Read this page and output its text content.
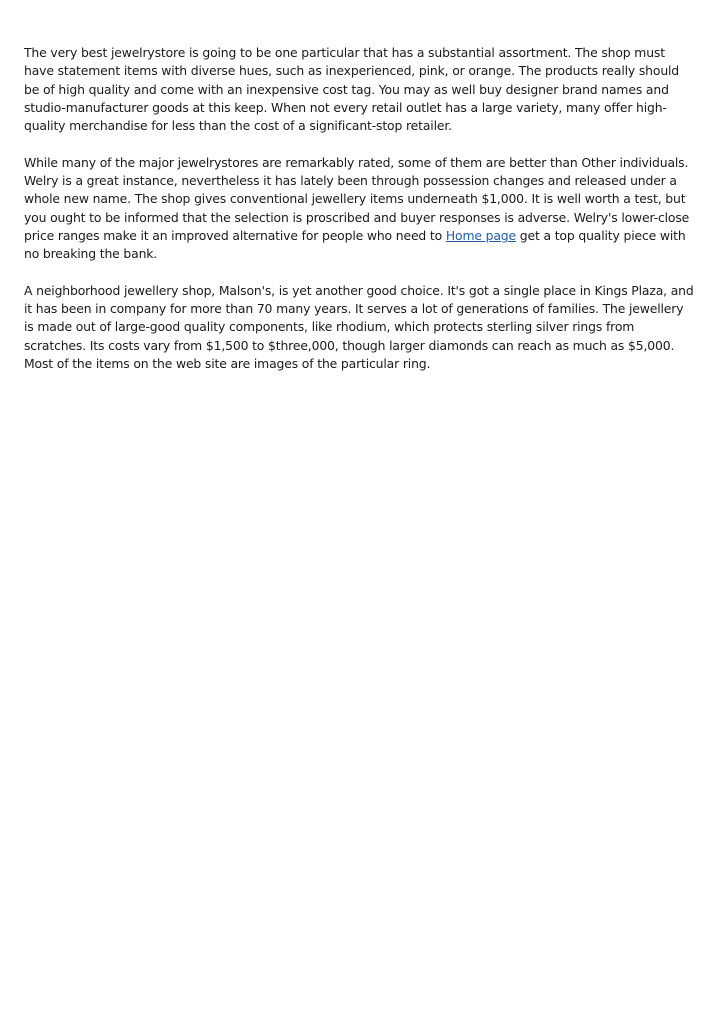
The very best jewelrystore is going to be one particular that has a substantial assortment. The shop must have statement items with diverse hues, such as inexperienced, pink, or orange. The products really should be of high quality and come with an inexpensive cost tag. You may as well buy designer brand names and studio-manufacturer goods at this keep. When not every retail outlet has a large variety, many offer high-quality merchandise for less than the cost of a significant-stop retailer.

While many of the major jewelrystores are remarkably rated, some of them are better than Other individuals. Welry is a great instance, nevertheless it has lately been through possession changes and released under a whole new name. The shop gives conventional jewellery items underneath $1,000. It is well worth a test, but you ought to be informed that the selection is proscribed and buyer responses is adverse. Welry's lower-close price ranges make it an improved alternative for people who need to Home page get a top quality piece with no breaking the bank.

A neighborhood jewellery shop, Malson's, is yet another good choice. It's got a single place in Kings Plaza, and it has been in company for more than 70 many years. It serves a lot of generations of families. The jewellery is made out of large-good quality components, like rhodium, which protects sterling silver rings from scratches. Its costs vary from $1,500 to $three,000, though larger diamonds can reach as much as $5,000. Most of the items on the web site are images of the particular ring.
